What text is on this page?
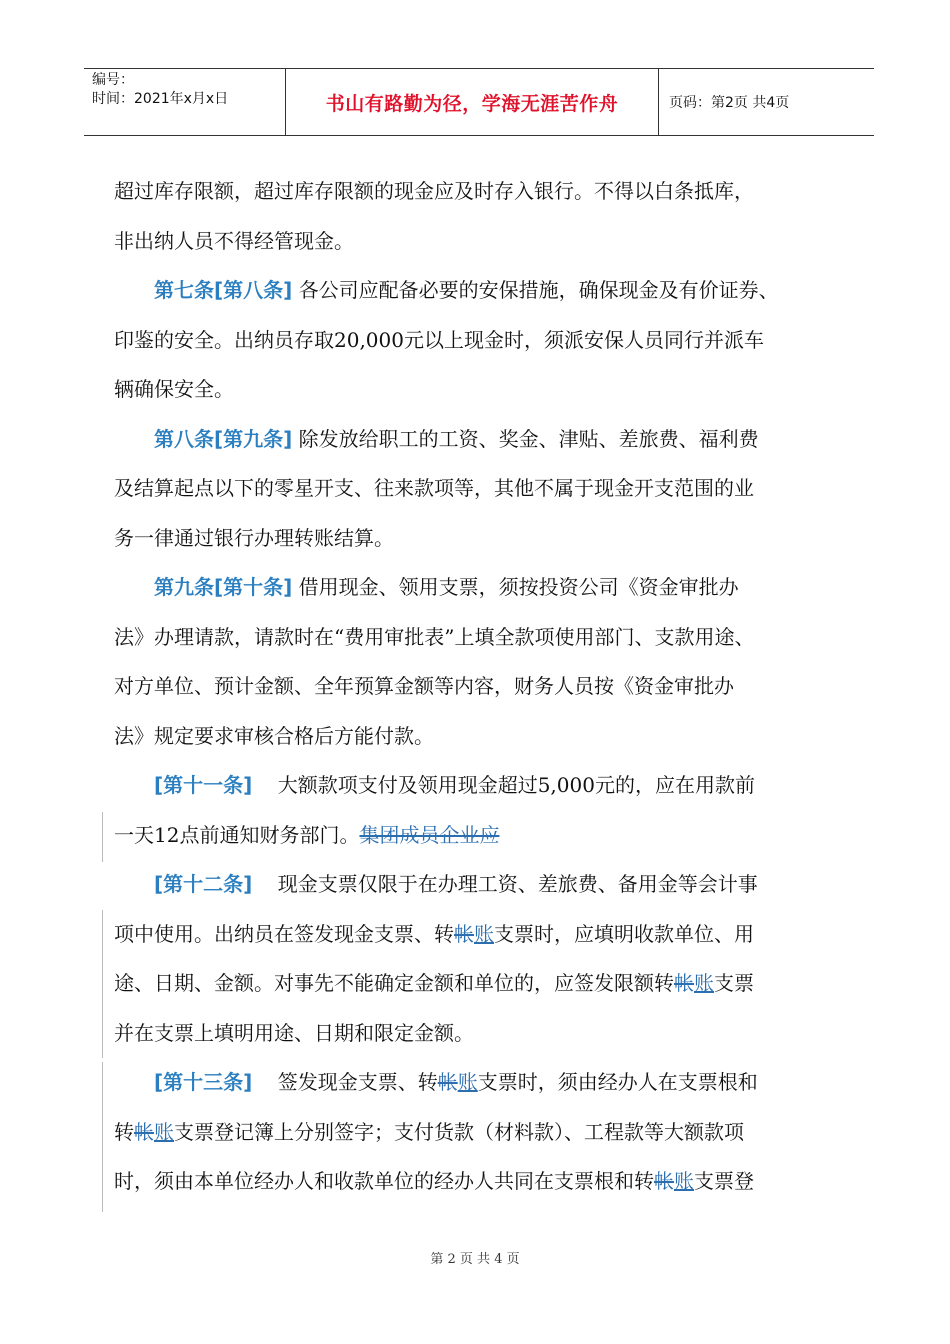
编号：
时间：2021年x月x日	书山有路勤为径，学海无涯苦作舟	页码：第2页 共4页
超过库存限额，超过库存限额的现金应及时存入银行。不得以白条抵库，
非出纳人员不得经管现金。
第七条[第八条] 各公司应配备必要的安保措施，确保现金及有价证券、
印鉴的安全。出纳员存取20,000元以上现金时，须派安保人员同行并派车
辆确保安全。
第八条[第九条] 除发放给职工的工资、奖金、津贴、差旅费、福利费
及结算起点以下的零星开支、往来款项等，其他不属于现金开支范围的业
务一律通过银行办理转账结算。
第九条[第十条] 借用现金、领用支票，须按投资公司《资金审批办
法》办理请款，请款时在“费用审批表”上填全款项使用部门、支款用途、
对方单位、预计金额、全年预算金额等内容，财务人员按《资金审批办
法》规定要求审核合格后方能付款。
[第十一条]    大额款项支付及领用现金超过5,000元的，应在用款前
一天12点前通知财务部门。集团成员企业应
[第十二条]    现金支票仅限于在办理工资、差旅费、备用金等会计事
项中使用。出纳员在签发现金支票、转帐账支票时，应填明收款单位、用
途、日期、金额。对事先不能确定金额和单位的，应签发限额转帐账支票
并在支票上填明用途、日期和限定金额。
[第十三条]    签发现金支票、转帐账支票时，须由经办人在支票根和
转帐账支票登记簿上分别签字；支付货款（材料款）、工程款等大额款项
时，须由本单位经办人和收款单位的经办人共同在支票根和转帐账支票登
第 2 页 共 4 页
